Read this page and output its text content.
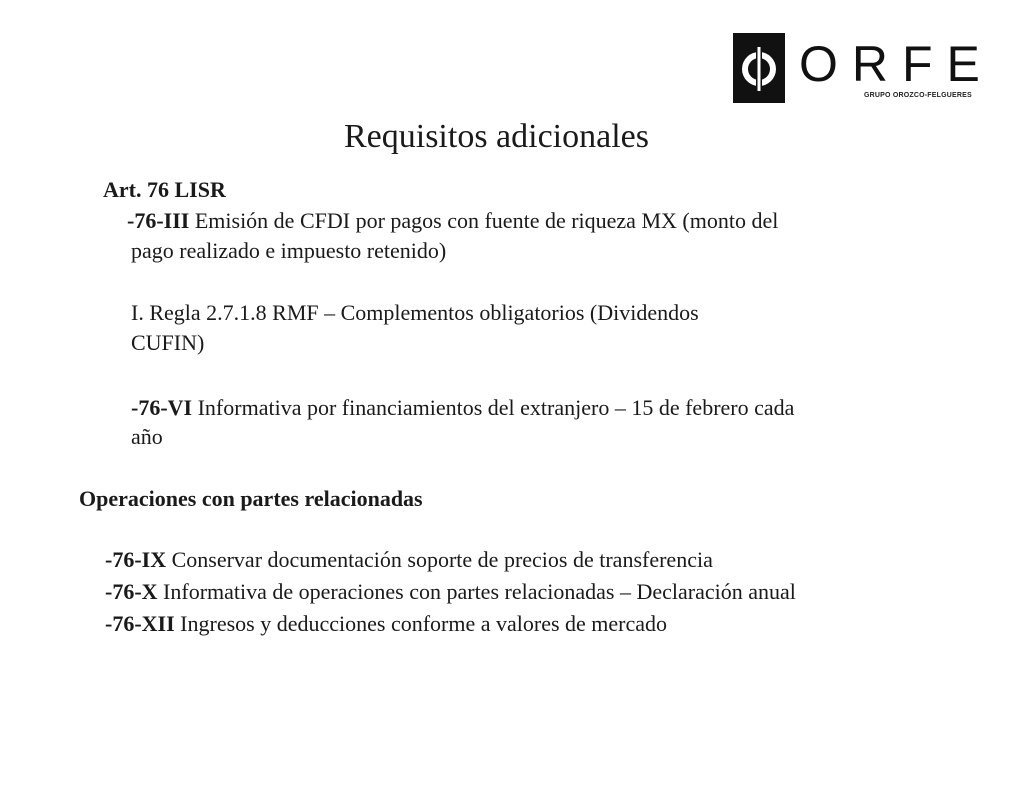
ORFE
GRUPO OROZCO-FELGUERES
Requisitos adicionales
Art. 76 LISR
-76-III Emisión de CFDI por pagos con fuente de riqueza MX (monto del
pago realizado e impuesto retenido)
I. Regla 2.7.1.8 RMF – Complementos obligatorios (Dividendos
CUFIN)
-76-VI Informativa por financiamientos del extranjero – 15 de febrero cada
año
Operaciones con partes relacionadas
-76-IX Conservar documentación soporte de precios de transferencia
-76-X Informativa de operaciones con partes relacionadas – Declaración anual
-76-XII Ingresos y deducciones conforme a valores de mercado
